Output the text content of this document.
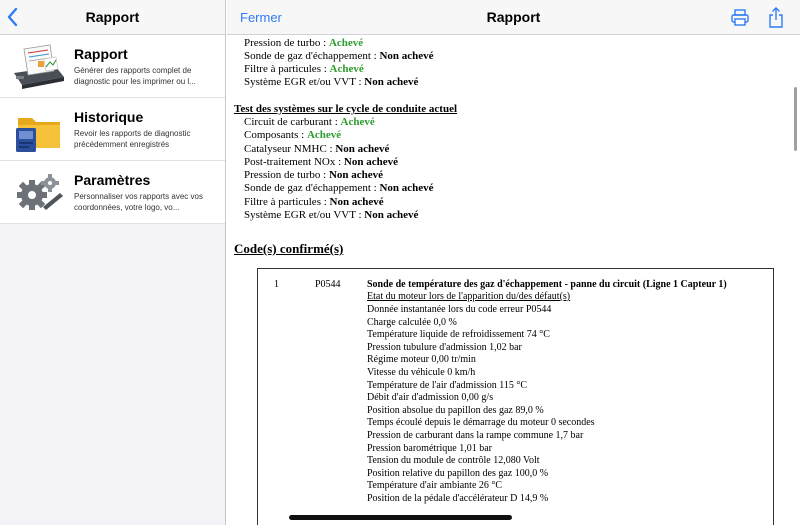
Rapport
Rapport
Générer des rapports complet de diagnostic pour les imprimer ou l...
Historique
Revoir les rapports de diagnostic précédemment enregistrés
Paramètres
Personnaliser vos rapports avec vos coordonnées, votre logo, vo...
Fermer	Rapport
Pression de turbo : Achevé
Sonde de gaz d'échappement : Non achevé
Filtre à particules : Achevé
Système EGR et/ou VVT : Non achevé
Test des systèmes sur le cycle de conduite actuel
Circuit de carburant : Achevé
Composants : Achevé
Catalyseur NMHC : Non achevé
Post-traitement NOx : Non achevé
Pression de turbo : Non achevé
Sonde de gaz d'échappement : Non achevé
Filtre à particules : Non achevé
Système EGR et/ou VVT : Non achevé
Code(s) confirmé(s)
1	P0544	Sonde de température des gaz d'échappement - panne du circuit (Ligne 1 Capteur 1)
Etat du moteur lors de l'apparition du/des défaut(s)
Donnée instantanée lors du code erreur P0544
Charge calculée 0,0 %
Température liquide de refroidissement 74 °C
Pression tubulure d'admission 1,02 bar
Régime moteur 0,00 tr/min
Vitesse du véhicule 0 km/h
Température de l'air d'admission 115 °C
Débit d'air d'admission 0,00 g/s
Position absolue du papillon des gaz 89,0 %
Temps écoulé depuis le démarrage du moteur 0 secondes
Pression de carburant dans la rampe commune 1,7 bar
Pression barométrique 1,01 bar
Tension du module de contrôle 12,080 Volt
Position relative du papillon des gaz 100,0 %
Température d'air ambiante 26 °C
Position de la pédale d'accélérateur D 14,9 %
